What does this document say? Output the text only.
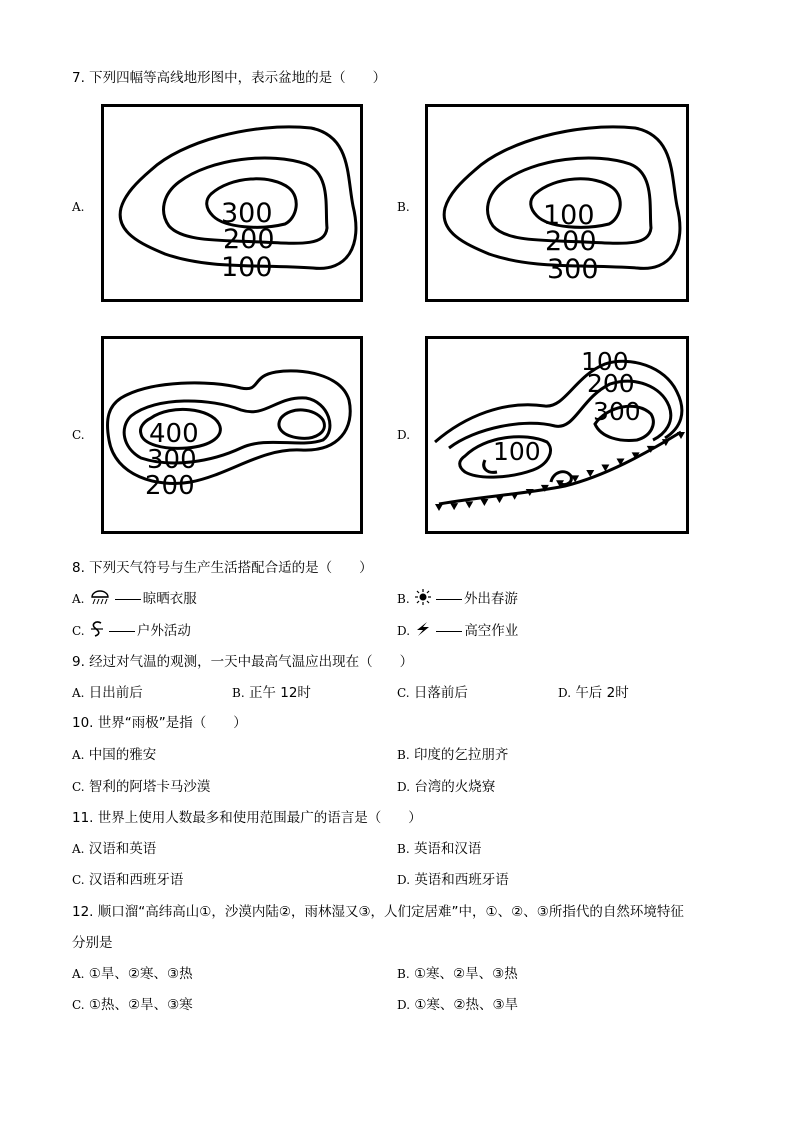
7. 下列四幅等高线地形图中，表示盆地的是（　　）
A.	300
200
100
B.	100
200
300
C. 400
300
200
D.
100
200
300
100
8. 下列天气符号与生产生活搭配合适的是（　　）
A.	晾晒衣服	B.	外出春游
C.	户外活动	D.	高空作业
9. 经过对气温的观测，一天中最高气温应出现在（　　）
A. 日出前后	B. 正午 12时	C. 日落前后	D. 午后 2时
10. 世界“雨极”是指（　　）
A. 中国的雅安	B. 印度的乞拉朋齐
C. 智利的阿塔卡马沙漠	D. 台湾的火烧寮
11. 世界上使用人数最多和使用范围最广的语言是（　　）
A. 汉语和英语	B. 英语和汉语
C. 汉语和西班牙语	D. 英语和西班牙语
12. 顺口溜“高纬高山①，沙漠内陆②，雨林湿又③，人们定居难”中，①、②、③所指代的自然环境特征
分别是
A. ①旱、②寒、③热	B. ①寒、②旱、③热
C. ①热、②旱、③寒	D. ①寒、②热、③旱
